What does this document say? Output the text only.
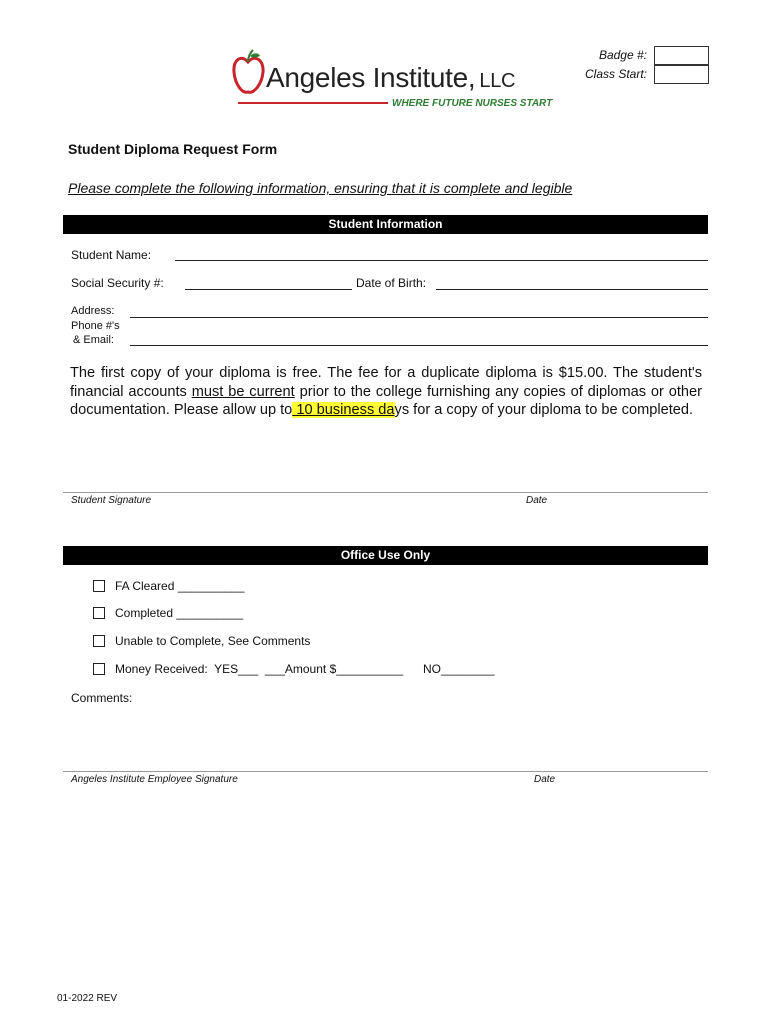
Angeles Institute, LLC
WHERE FUTURE NURSES START
Badge #:
Class Start:
Student Diploma Request Form
Please complete the following information, ensuring that it is complete and legible
Student Information
Student Name:
Social Security #:	Date of Birth:
Address:
Phone #'s
& Email:
The first copy of your diploma is free. The fee for a duplicate diploma is $15.00. The student's financial accounts must be current prior to the college furnishing any copies of diplomas or other documentation. Please allow up to 10 business days for a copy of your diploma to be completed.
Student Signature	Date
Office Use Only
FA Cleared __________
Completed __________
Unable to Complete, See Comments
Money Received:  YES___  ___Amount $__________      NO________
Comments:
Angeles Institute Employee Signature	Date
01-2022 REV
